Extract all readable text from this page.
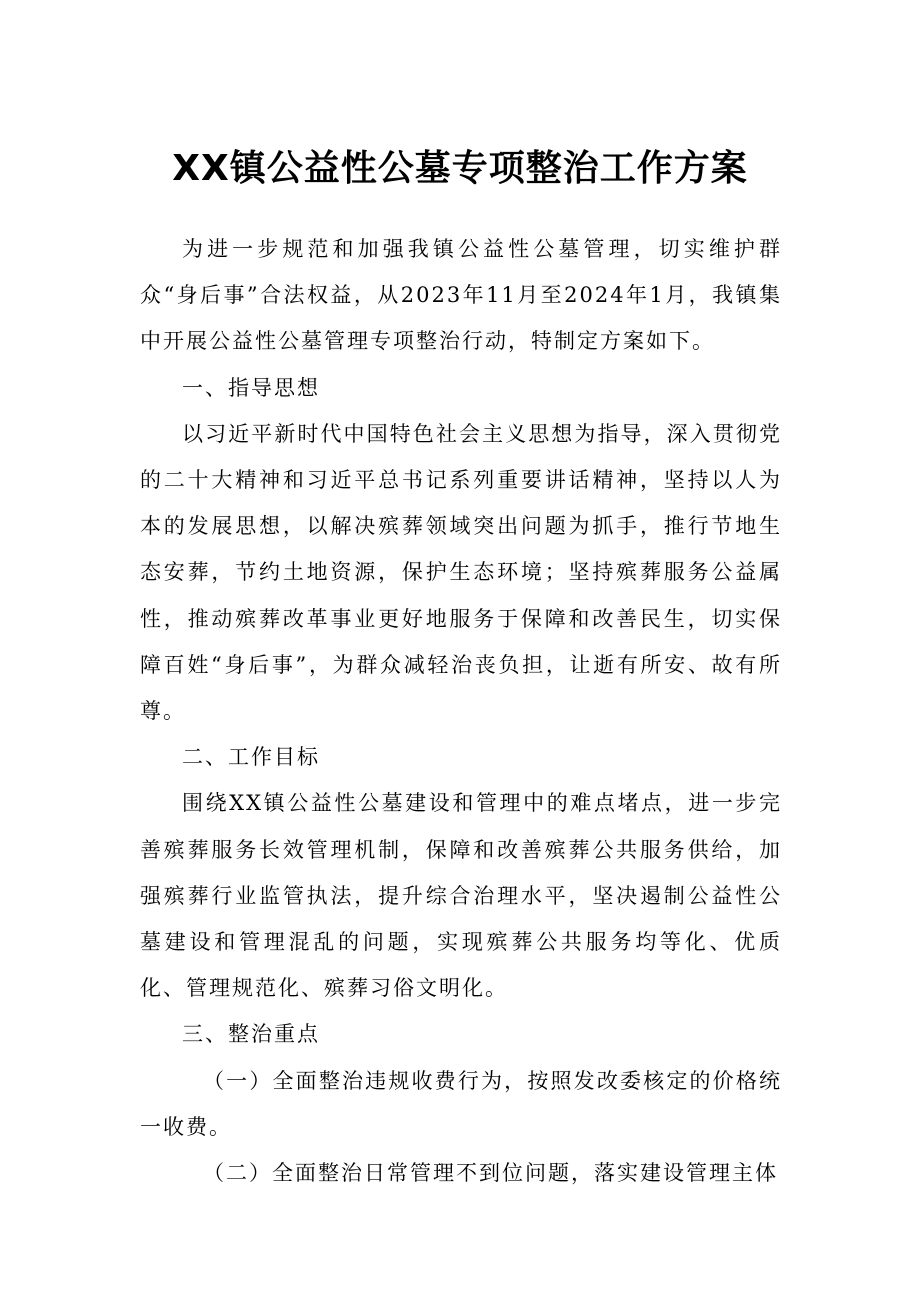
XX镇公益性公墓专项整治工作方案

为进一步规范和加强我镇公益性公墓管理，切实维护群众“身后事”合法权益，从2023年11月至2024年1月，我镇集中开展公益性公墓管理专项整治行动，特制定方案如下。

一、指导思想

以习近平新时代中国特色社会主义思想为指导，深入贯彻党的二十大精神和习近平总书记系列重要讲话精神，坚持以人为本的发展思想，以解决殡葬领域突出问题为抓手，推行节地生态安葬，节约土地资源，保护生态环境；坚持殡葬服务公益属性，推动殡葬改革事业更好地服务于保障和改善民生，切实保障百姓“身后事”，为群众减轻治丧负担，让逝有所安、故有所尊。

二、工作目标

围绕XX镇公益性公墓建设和管理中的难点堵点，进一步完善殡葬服务长效管理机制，保障和改善殡葬公共服务供给，加强殡葬行业监管执法，提升综合治理水平，坚决遏制公益性公墓建设和管理混乱的问题，实现殡葬公共服务均等化、优质化、管理规范化、殡葬习俗文明化。

三、整治重点

（一）全面整治违规收费行为，按照发改委核定的价格统一收费。

（二）全面整治日常管理不到位问题，落实建设管理主体
